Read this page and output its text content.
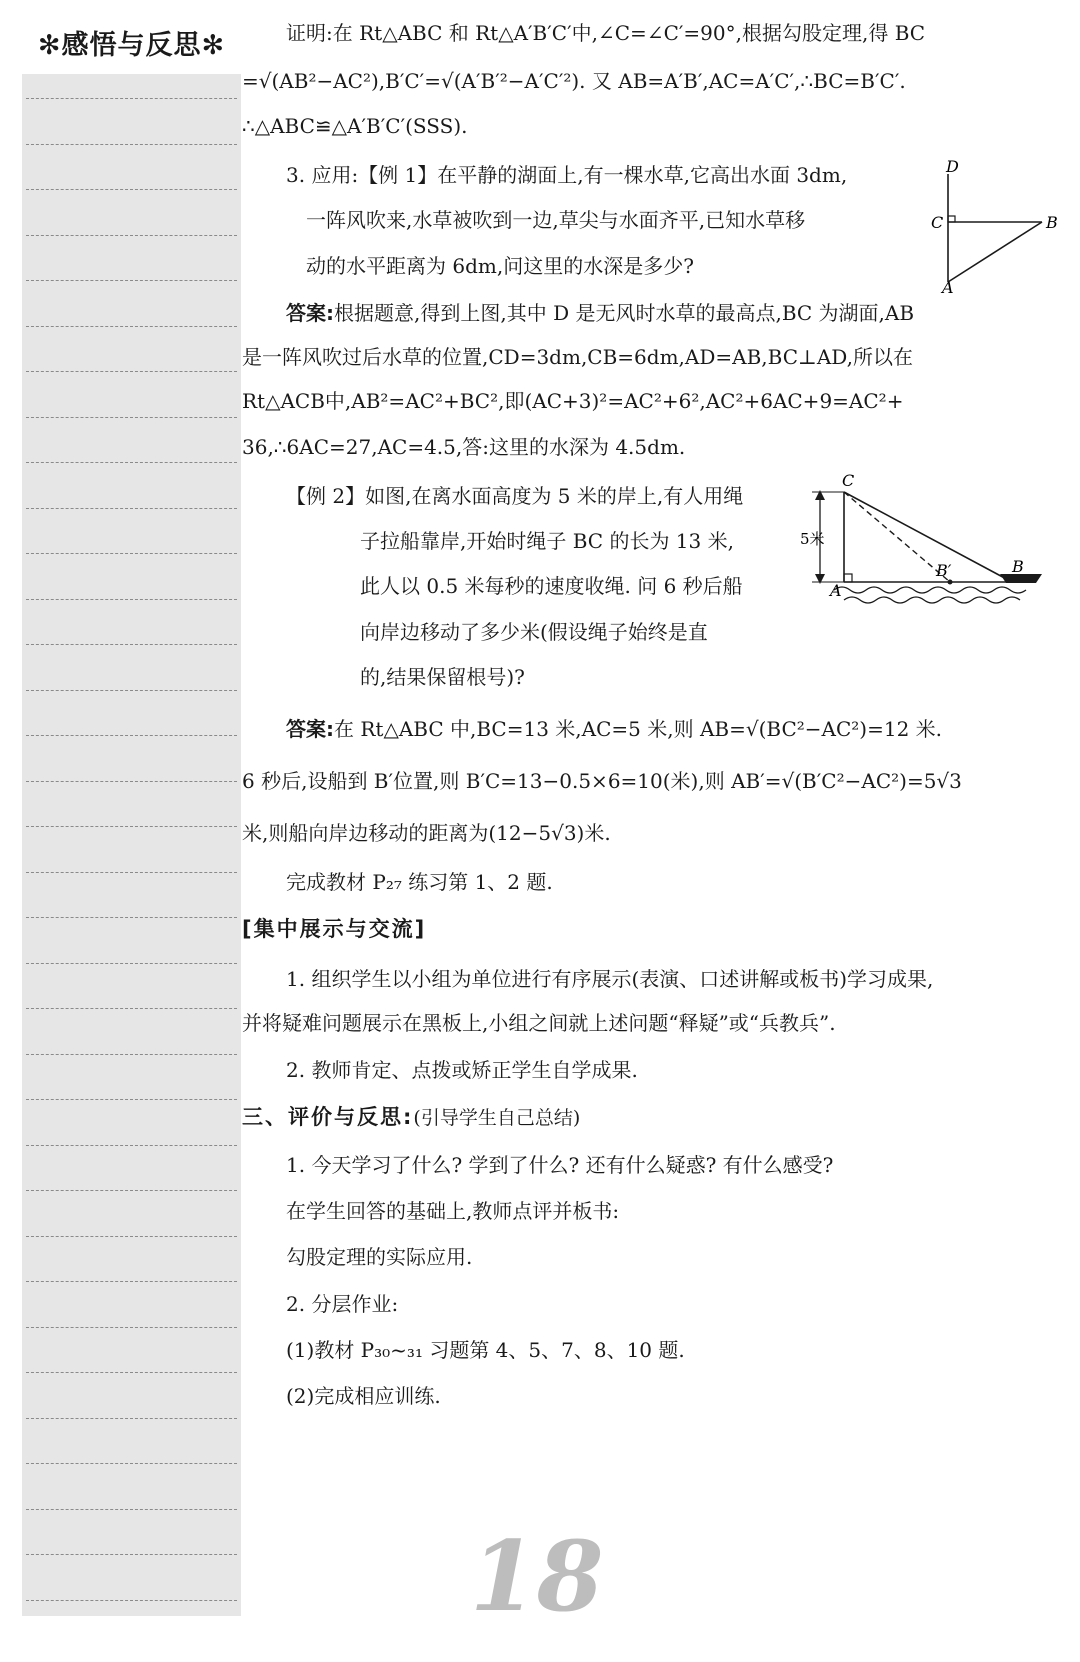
✻感悟与反思✻	证明:在 Rt△ABC 和 Rt△A′B′C′中,∠C=∠C′=90°,根据勾股定理,得 BC
=√(AB²−AC²),B′C′=√(A′B′²−A′C′²). 又 AB=A′B′,AC=A′C′,∴BC=B′C′.
∴△ABC≌△A′B′C′(SSS).
3. 应用:【例 1】在平静的湖面上,有一棵水草,它高出水面 3dm,
一阵风吹来,水草被吹到一边,草尖与水面齐平,已知水草移
动的水平距离为 6dm,问这里的水深是多少?
答案:根据题意,得到上图,其中 D 是无风时水草的最高点,BC 为湖面,AB
是一阵风吹过后水草的位置,CD=3dm,CB=6dm,AD=AB,BC⊥AD,所以在
Rt△ACB中,AB²=AC²+BC²,即(AC+3)²=AC²+6²,AC²+6AC+9=AC²+
36,∴6AC=27,AC=4.5,答:这里的水深为 4.5dm.
【例 2】如图,在离水面高度为 5 米的岸上,有人用绳
子拉船靠岸,开始时绳子 BC 的长为 13 米,
此人以 0.5 米每秒的速度收绳. 问 6 秒后船
向岸边移动了多少米(假设绳子始终是直
的,结果保留根号)?
答案:在 Rt△ABC 中,BC=13 米,AC=5 米,则 AB=√(BC²−AC²)=12 米.
6 秒后,设船到 B′位置,则 B′C=13−0.5×6=10(米),则 AB′=√(B′C²−AC²)=5√3
米,则船向岸边移动的距离为(12−5√3)米.
完成教材 P₂₇ 练习第 1、2 题.
[集中展示与交流]
1. 组织学生以小组为单位进行有序展示(表演、口述讲解或板书)学习成果,
并将疑难问题展示在黑板上,小组之间就上述问题“释疑”或“兵教兵”.
2. 教师肯定、点拨或矫正学生自学成果.
三、评价与反思:(引导学生自己总结)
1. 今天学习了什么? 学到了什么? 还有什么疑惑? 有什么感受?
在学生回答的基础上,教师点评并板书:
勾股定理的实际应用.
2. 分层作业:
(1)教材 P₃₀~₃₁ 习题第 4、5、7、8、10 题.
(2)完成相应训练.
D
C	B
A
C
A
B
B′
5米
18
